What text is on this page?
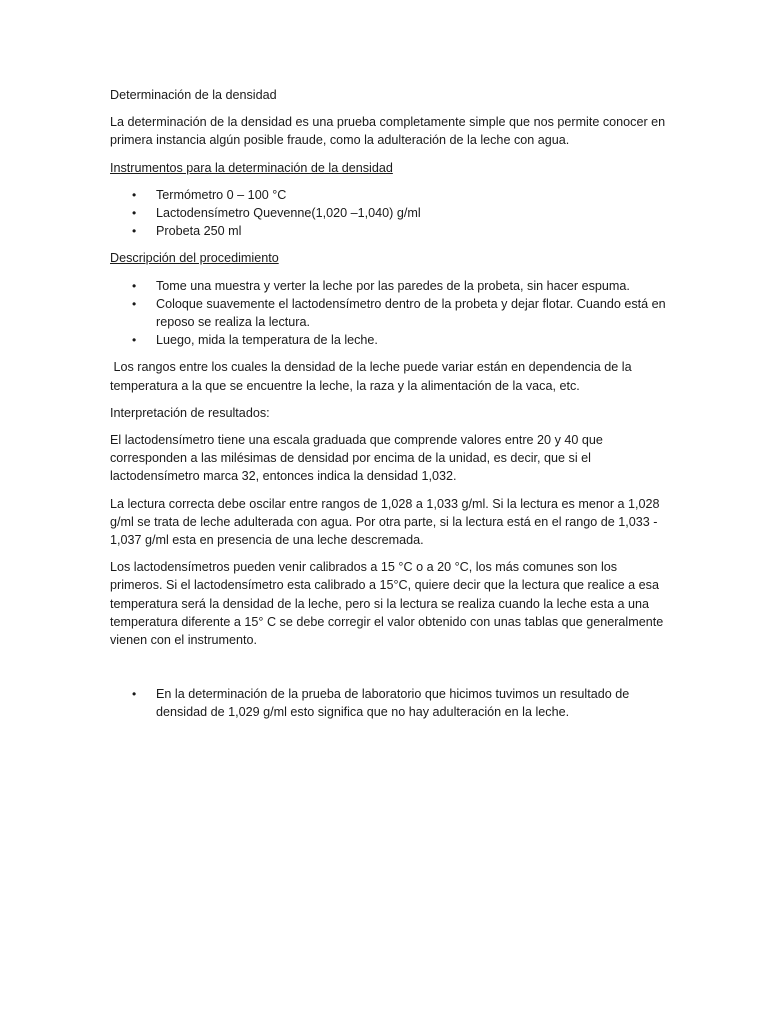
Determinación de la densidad

La determinación de la densidad es una prueba completamente simple que nos permite conocer en primera instancia algún posible fraude, como la adulteración de la leche con agua.

Instrumentos para la determinación de la densidad

• Termómetro 0 – 100 °C
• Lactodensímetro Quevenne(1,020 –1,040) g/ml
• Probeta 250 ml

Descripción del procedimiento

• Tome una muestra y verter la leche por las paredes de la probeta, sin hacer espuma.
• Coloque suavemente el lactodensímetro dentro de la probeta y dejar flotar. Cuando está en reposo se realiza la lectura.
• Luego, mida la temperatura de la leche.

Los rangos entre los cuales la densidad de la leche puede variar están en dependencia de la temperatura a la que se encuentre la leche, la raza y la alimentación de la vaca, etc.

Interpretación de resultados:

El lactodensímetro tiene una escala graduada que comprende valores entre 20 y 40 que corresponden a las milésimas de densidad por encima de la unidad, es decir, que si el lactodensímetro marca 32, entonces indica la densidad 1,032.

La lectura correcta debe oscilar entre rangos de 1,028 a 1,033 g/ml. Si la lectura es menor a 1,028 g/ml se trata de leche adulterada con agua. Por otra parte, si la lectura está en el rango de 1,033 - 1,037 g/ml esta en presencia de una leche descremada.

Los lactodensímetros pueden venir calibrados a 15 °C o a 20 °C, los más comunes son los primeros. Si el lactodensímetro esta calibrado a 15°C, quiere decir que la lectura que realice a esa temperatura será la densidad de la leche, pero si la lectura se realiza cuando la leche esta a una temperatura diferente a 15° C se debe corregir el valor obtenido con unas tablas que generalmente vienen con el instrumento.

• En la determinación de la prueba de laboratorio que hicimos tuvimos un resultado de densidad de 1,029 g/ml esto significa que no hay adulteración en la leche.
